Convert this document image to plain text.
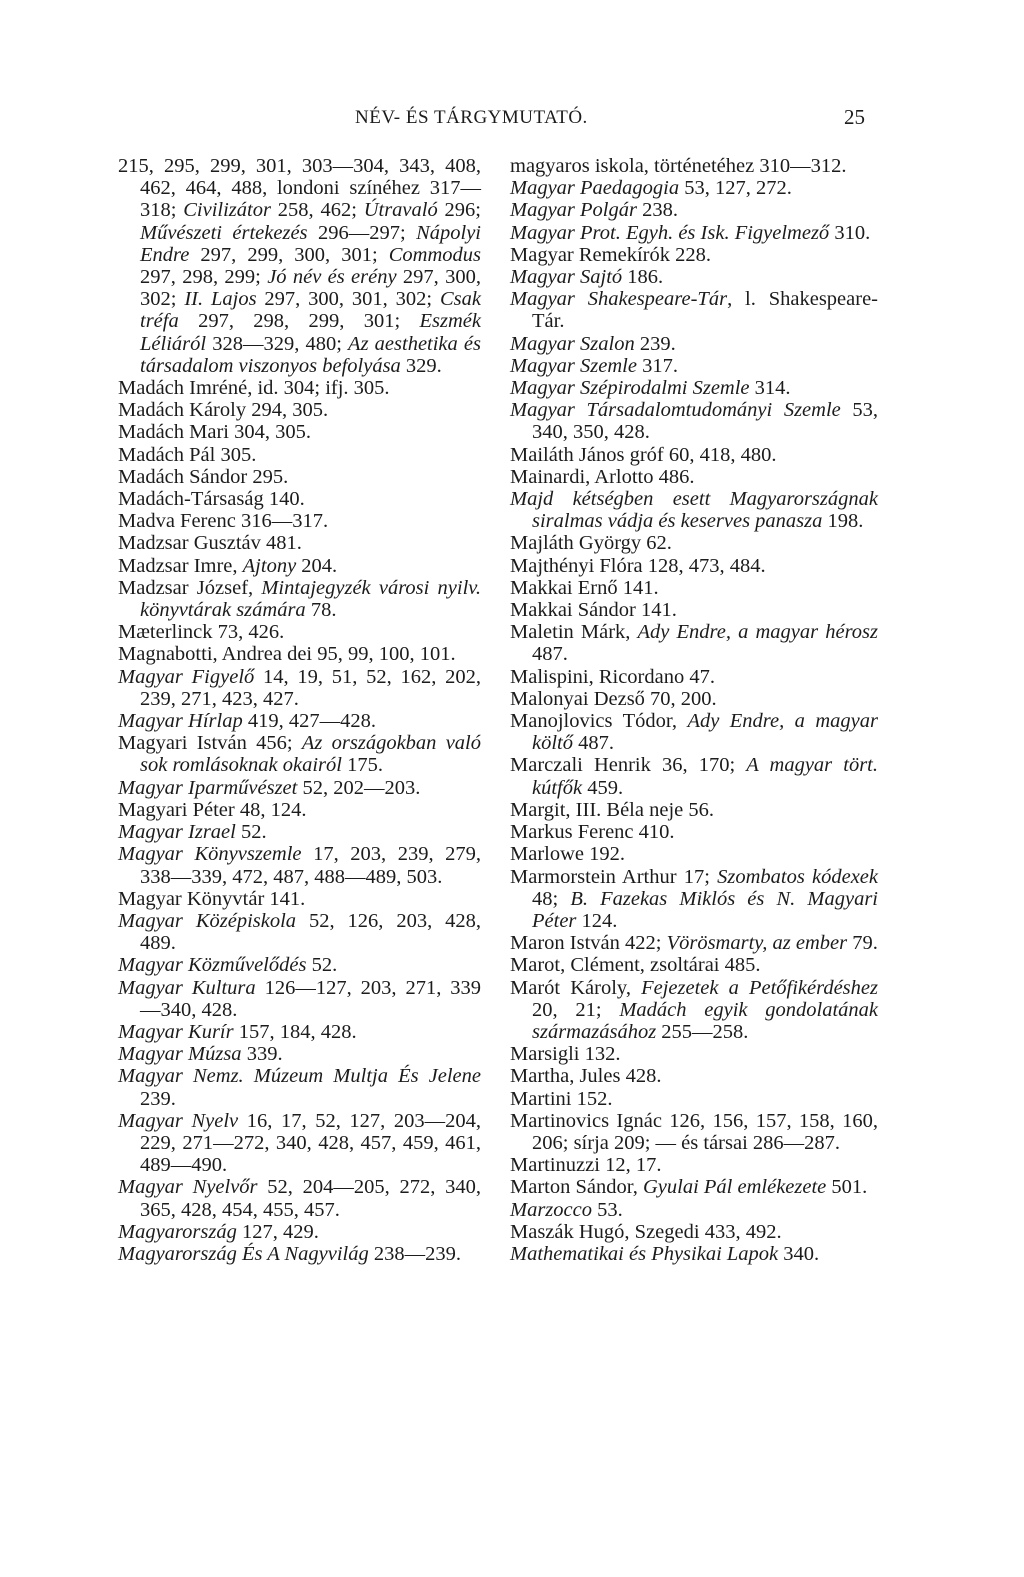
NÉV- ÉS TÁRGYMUTATÓ.	25
215, 295, 299, 301, 303—304, 343, 408, 462, 464, 488, londoni színéhez 317—318; Civilizátor 258, 462; Útravaló 296; Művészeti értekezés 296—297; Nápolyi Endre 297, 299, 300, 301; Commodus 297, 298, 299; Jó név és erény 297, 300, 302; II. Lajos 297, 300, 301, 302; Csak tréfa 297, 298, 299, 301; Eszmék Léliáról 328—329, 480; Az aesthetika és társadalom viszonyos befolyása 329.
Madách Imréné, id. 304; ifj. 305.
Madách Károly 294, 305.
Madách Mari 304, 305.
Madách Pál 305.
Madách Sándor 295.
Madách-Társaság 140.
Madva Ferenc 316—317.
Madzsar Gusztáv 481.
Madzsar Imre, Ajtony 204.
Madzsar József, Mintajegyzék városi nyilv. könyvtárak számára 78.
Mæterlinck 73, 426.
Magnabotti, Andrea dei 95, 99, 100, 101.
Magyar Figyelő 14, 19, 51, 52, 162, 202, 239, 271, 423, 427.
Magyar Hírlap 419, 427—428.
Magyari István 456; Az országokban való sok romlásoknak okairól 175.
Magyar Iparművészet 52, 202—203.
Magyari Péter 48, 124.
Magyar Izrael 52.
Magyar Könyvszemle 17, 203, 239, 279, 338—339, 472, 487, 488—489, 503.
Magyar Könyvtár 141.
Magyar Középiskola 52, 126, 203, 428, 489.
Magyar Közművelődés 52.
Magyar Kultura 126—127, 203, 271, 339—340, 428.
Magyar Kurír 157, 184, 428.
Magyar Múzsa 339.
Magyar Nemz. Múzeum Multja És Jelene 239.
Magyar Nyelv 16, 17, 52, 127, 203—204, 229, 271—272, 340, 428, 457, 459, 461, 489—490.
Magyar Nyelvőr 52, 204—205, 272, 340, 365, 428, 454, 455, 457.
Magyarország 127, 429.
Magyarország És A Nagyvilág 238—239.
magyaros iskola, történetéhez 310—312.
Magyar Paedagogia 53, 127, 272.
Magyar Polgár 238.
Magyar Prot. Egyh. és Isk. Figyelmező 310.
Magyar Remekírók 228.
Magyar Sajtó 186.
Magyar Shakespeare-Tár, l. Shakespeare-Tár.
Magyar Szalon 239.
Magyar Szemle 317.
Magyar Szépirodalmi Szemle 314.
Magyar Társadalomtudományi Szemle 53, 340, 350, 428.
Mailáth János gróf 60, 418, 480.
Mainardi, Arlotto 486.
Majd kétségben esett Magyarországnak siralmas vádja és keserves panasza 198.
Majláth György 62.
Majthényi Flóra 128, 473, 484.
Makkai Ernő 141.
Makkai Sándor 141.
Maletin Márk, Ady Endre, a magyar hérosz 487.
Malispini, Ricordano 47.
Malonyai Dezső 70, 200.
Manojlovics Tódor, Ady Endre, a magyar költő 487.
Marczali Henrik 36, 170; A magyar tört. kútfők 459.
Margit, III. Béla neje 56.
Markus Ferenc 410.
Marlowe 192.
Marmorstein Arthur 17; Szombatos kódexek 48; B. Fazekas Miklós és N. Magyari Péter 124.
Maron István 422; Vörösmarty, az ember 79.
Marot, Clément, zsoltárai 485.
Marót Károly, Fejezetek a Petőfikérdéshez 20, 21; Madách egyik gondolatának származásához 255—258.
Marsigli 132.
Martha, Jules 428.
Martini 152.
Martinovics Ignác 126, 156, 157, 158, 160, 206; sírja 209; — és társai 286—287.
Martinuzzi 12, 17.
Marton Sándor, Gyulai Pál emlékezete 501.
Marzocco 53.
Maszák Hugó, Szegedi 433, 492.
Mathematikai és Physikai Lapok 340.
